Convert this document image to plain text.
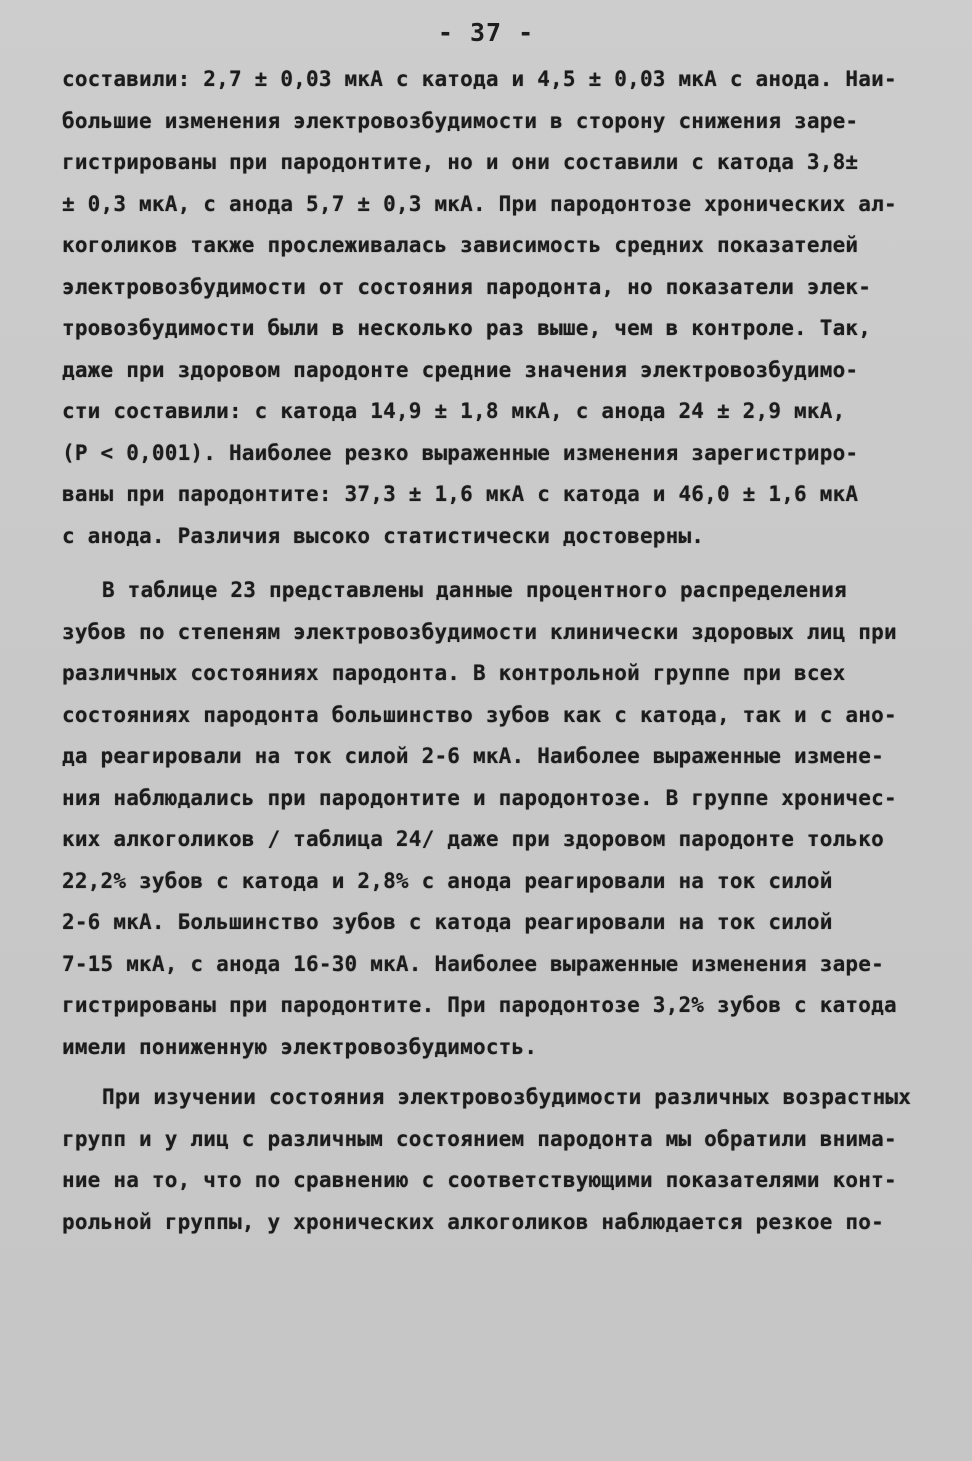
- 37 -
составили: 2,7 ± 0,03 мкА с катода и 4,5 ± 0,03 мкА с анода. Наи-
большие изменения электровозбудимости в сторону снижения заре-
гистрированы при пародонтите, но и они составили с катода 3,8±
± 0,3 мкА, с анода 5,7 ± 0,3 мкА. При пародонтозе хронических ал-
коголиков также прослеживалась зависимость средних показателей
электровозбудимости от состояния пародонта, но показатели элек-
тровозбудимости были в несколько раз выше, чем в контроле. Так,
даже при здоровом пародонте средние значения электровозбудимо-
сти составили: с катода 14,9 ± 1,8 мкА, с анода 24 ± 2,9 мкА,
(Р < 0,001). Наиболее резко выраженные изменения зарегистриро-
ваны при пародонтите: 37,3 ± 1,6 мкА с катода и 46,0 ± 1,6 мкА
с анода. Различия высоко статистически достоверны.
В таблице 23 представлены данные процентного распределения
зубов по степеням электровозбудимости клинически здоровых лиц при
различных состояниях пародонта. В контрольной группе при всех
состояниях пародонта большинство зубов как с катода, так и с ано-
да реагировали на ток силой 2-6 мкА. Наиболее выраженные измене-
ния наблюдались при пародонтите и пародонтозе. В группе хроничес-
ких алкоголиков / таблица 24/ даже при здоровом пародонте только
22,2% зубов с катода и 2,8% с анода реагировали на ток силой
2-6 мкА. Большинство зубов с катода реагировали на ток силой
7-15 мкА, с анода 16-30 мкА. Наиболее выраженные изменения заре-
гистрированы при пародонтите. При пародонтозе 3,2% зубов с катода
имели пониженную электровозбудимость.
При изучении состояния электровозбудимости различных возрастных
групп и у лиц с различным состоянием пародонта мы обратили внима-
ние на то, что по сравнению с соответствующими показателями конт-
рольной группы, у хронических алкоголиков наблюдается резкое по-
